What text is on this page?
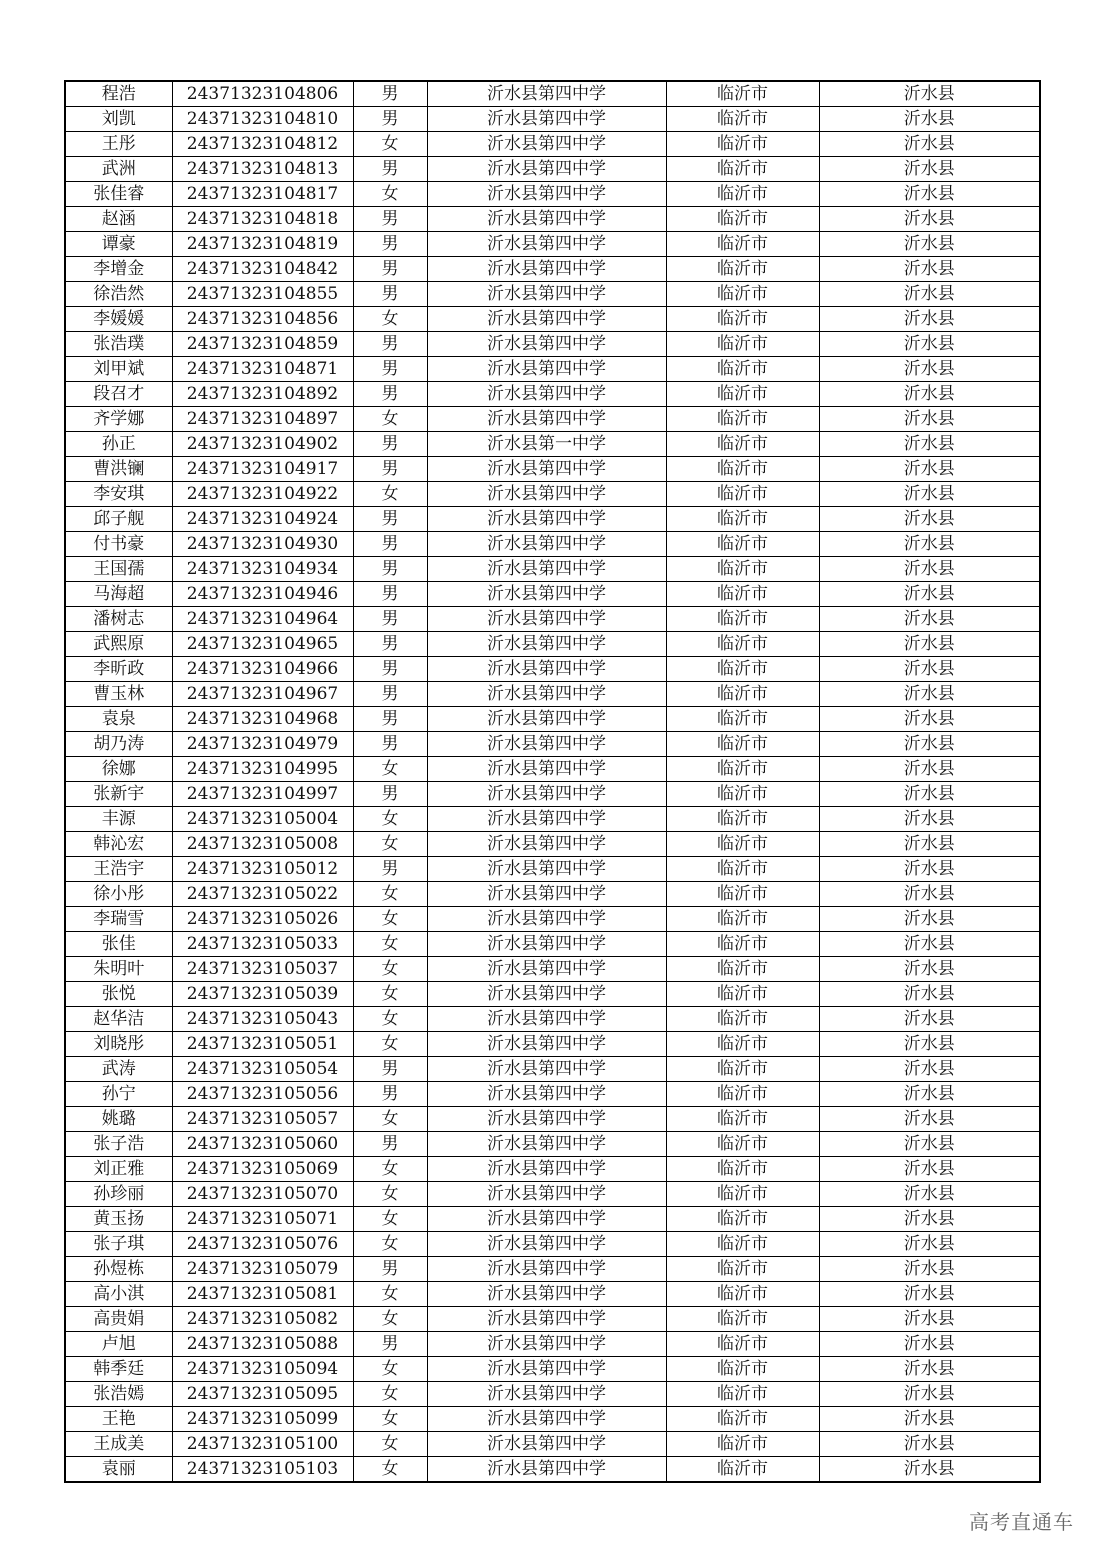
程浩	24371323104806	男	沂水县第四中学	临沂市	沂水县
刘凯	24371323104810	男	沂水县第四中学	临沂市	沂水县
王彤	24371323104812	女	沂水县第四中学	临沂市	沂水县
武洲	24371323104813	男	沂水县第四中学	临沂市	沂水县
张佳睿	24371323104817	女	沂水县第四中学	临沂市	沂水县
赵涵	24371323104818	男	沂水县第四中学	临沂市	沂水县
谭豪	24371323104819	男	沂水县第四中学	临沂市	沂水县
李增金	24371323104842	男	沂水县第四中学	临沂市	沂水县
徐浩然	24371323104855	男	沂水县第四中学	临沂市	沂水县
李媛媛	24371323104856	女	沂水县第四中学	临沂市	沂水县
张浩璞	24371323104859	男	沂水县第四中学	临沂市	沂水县
刘甲斌	24371323104871	男	沂水县第四中学	临沂市	沂水县
段召才	24371323104892	男	沂水县第四中学	临沂市	沂水县
齐学娜	24371323104897	女	沂水县第四中学	临沂市	沂水县
孙正	24371323104902	男	沂水县第一中学	临沂市	沂水县
曹洪镧	24371323104917	男	沂水县第四中学	临沂市	沂水县
李安琪	24371323104922	女	沂水县第四中学	临沂市	沂水县
邱子舰	24371323104924	男	沂水县第四中学	临沂市	沂水县
付书豪	24371323104930	男	沂水县第四中学	临沂市	沂水县
王国孺	24371323104934	男	沂水县第四中学	临沂市	沂水县
马海超	24371323104946	男	沂水县第四中学	临沂市	沂水县
潘树志	24371323104964	男	沂水县第四中学	临沂市	沂水县
武熙原	24371323104965	男	沂水县第四中学	临沂市	沂水县
李昕政	24371323104966	男	沂水县第四中学	临沂市	沂水县
曹玉林	24371323104967	男	沂水县第四中学	临沂市	沂水县
袁泉	24371323104968	男	沂水县第四中学	临沂市	沂水县
胡乃涛	24371323104979	男	沂水县第四中学	临沂市	沂水县
徐娜	24371323104995	女	沂水县第四中学	临沂市	沂水县
张新宇	24371323104997	男	沂水县第四中学	临沂市	沂水县
丰源	24371323105004	女	沂水县第四中学	临沂市	沂水县
韩沁宏	24371323105008	女	沂水县第四中学	临沂市	沂水县
王浩宇	24371323105012	男	沂水县第四中学	临沂市	沂水县
徐小彤	24371323105022	女	沂水县第四中学	临沂市	沂水县
李瑞雪	24371323105026	女	沂水县第四中学	临沂市	沂水县
张佳	24371323105033	女	沂水县第四中学	临沂市	沂水县
朱明叶	24371323105037	女	沂水县第四中学	临沂市	沂水县
张悦	24371323105039	女	沂水县第四中学	临沂市	沂水县
赵华洁	24371323105043	女	沂水县第四中学	临沂市	沂水县
刘晓彤	24371323105051	女	沂水县第四中学	临沂市	沂水县
武涛	24371323105054	男	沂水县第四中学	临沂市	沂水县
孙宁	24371323105056	男	沂水县第四中学	临沂市	沂水县
姚璐	24371323105057	女	沂水县第四中学	临沂市	沂水县
张子浩	24371323105060	男	沂水县第四中学	临沂市	沂水县
刘正雅	24371323105069	女	沂水县第四中学	临沂市	沂水县
孙珍丽	24371323105070	女	沂水县第四中学	临沂市	沂水县
黄玉扬	24371323105071	女	沂水县第四中学	临沂市	沂水县
张子琪	24371323105076	女	沂水县第四中学	临沂市	沂水县
孙煜栋	24371323105079	男	沂水县第四中学	临沂市	沂水县
高小淇	24371323105081	女	沂水县第四中学	临沂市	沂水县
高贵娟	24371323105082	女	沂水县第四中学	临沂市	沂水县
卢旭	24371323105088	男	沂水县第四中学	临沂市	沂水县
韩季廷	24371323105094	女	沂水县第四中学	临沂市	沂水县
张浩嫣	24371323105095	女	沂水县第四中学	临沂市	沂水县
王艳	24371323105099	女	沂水县第四中学	临沂市	沂水县
王成美	24371323105100	女	沂水县第四中学	临沂市	沂水县
袁丽	24371323105103	女	沂水县第四中学	临沂市	沂水县
高考直通车
